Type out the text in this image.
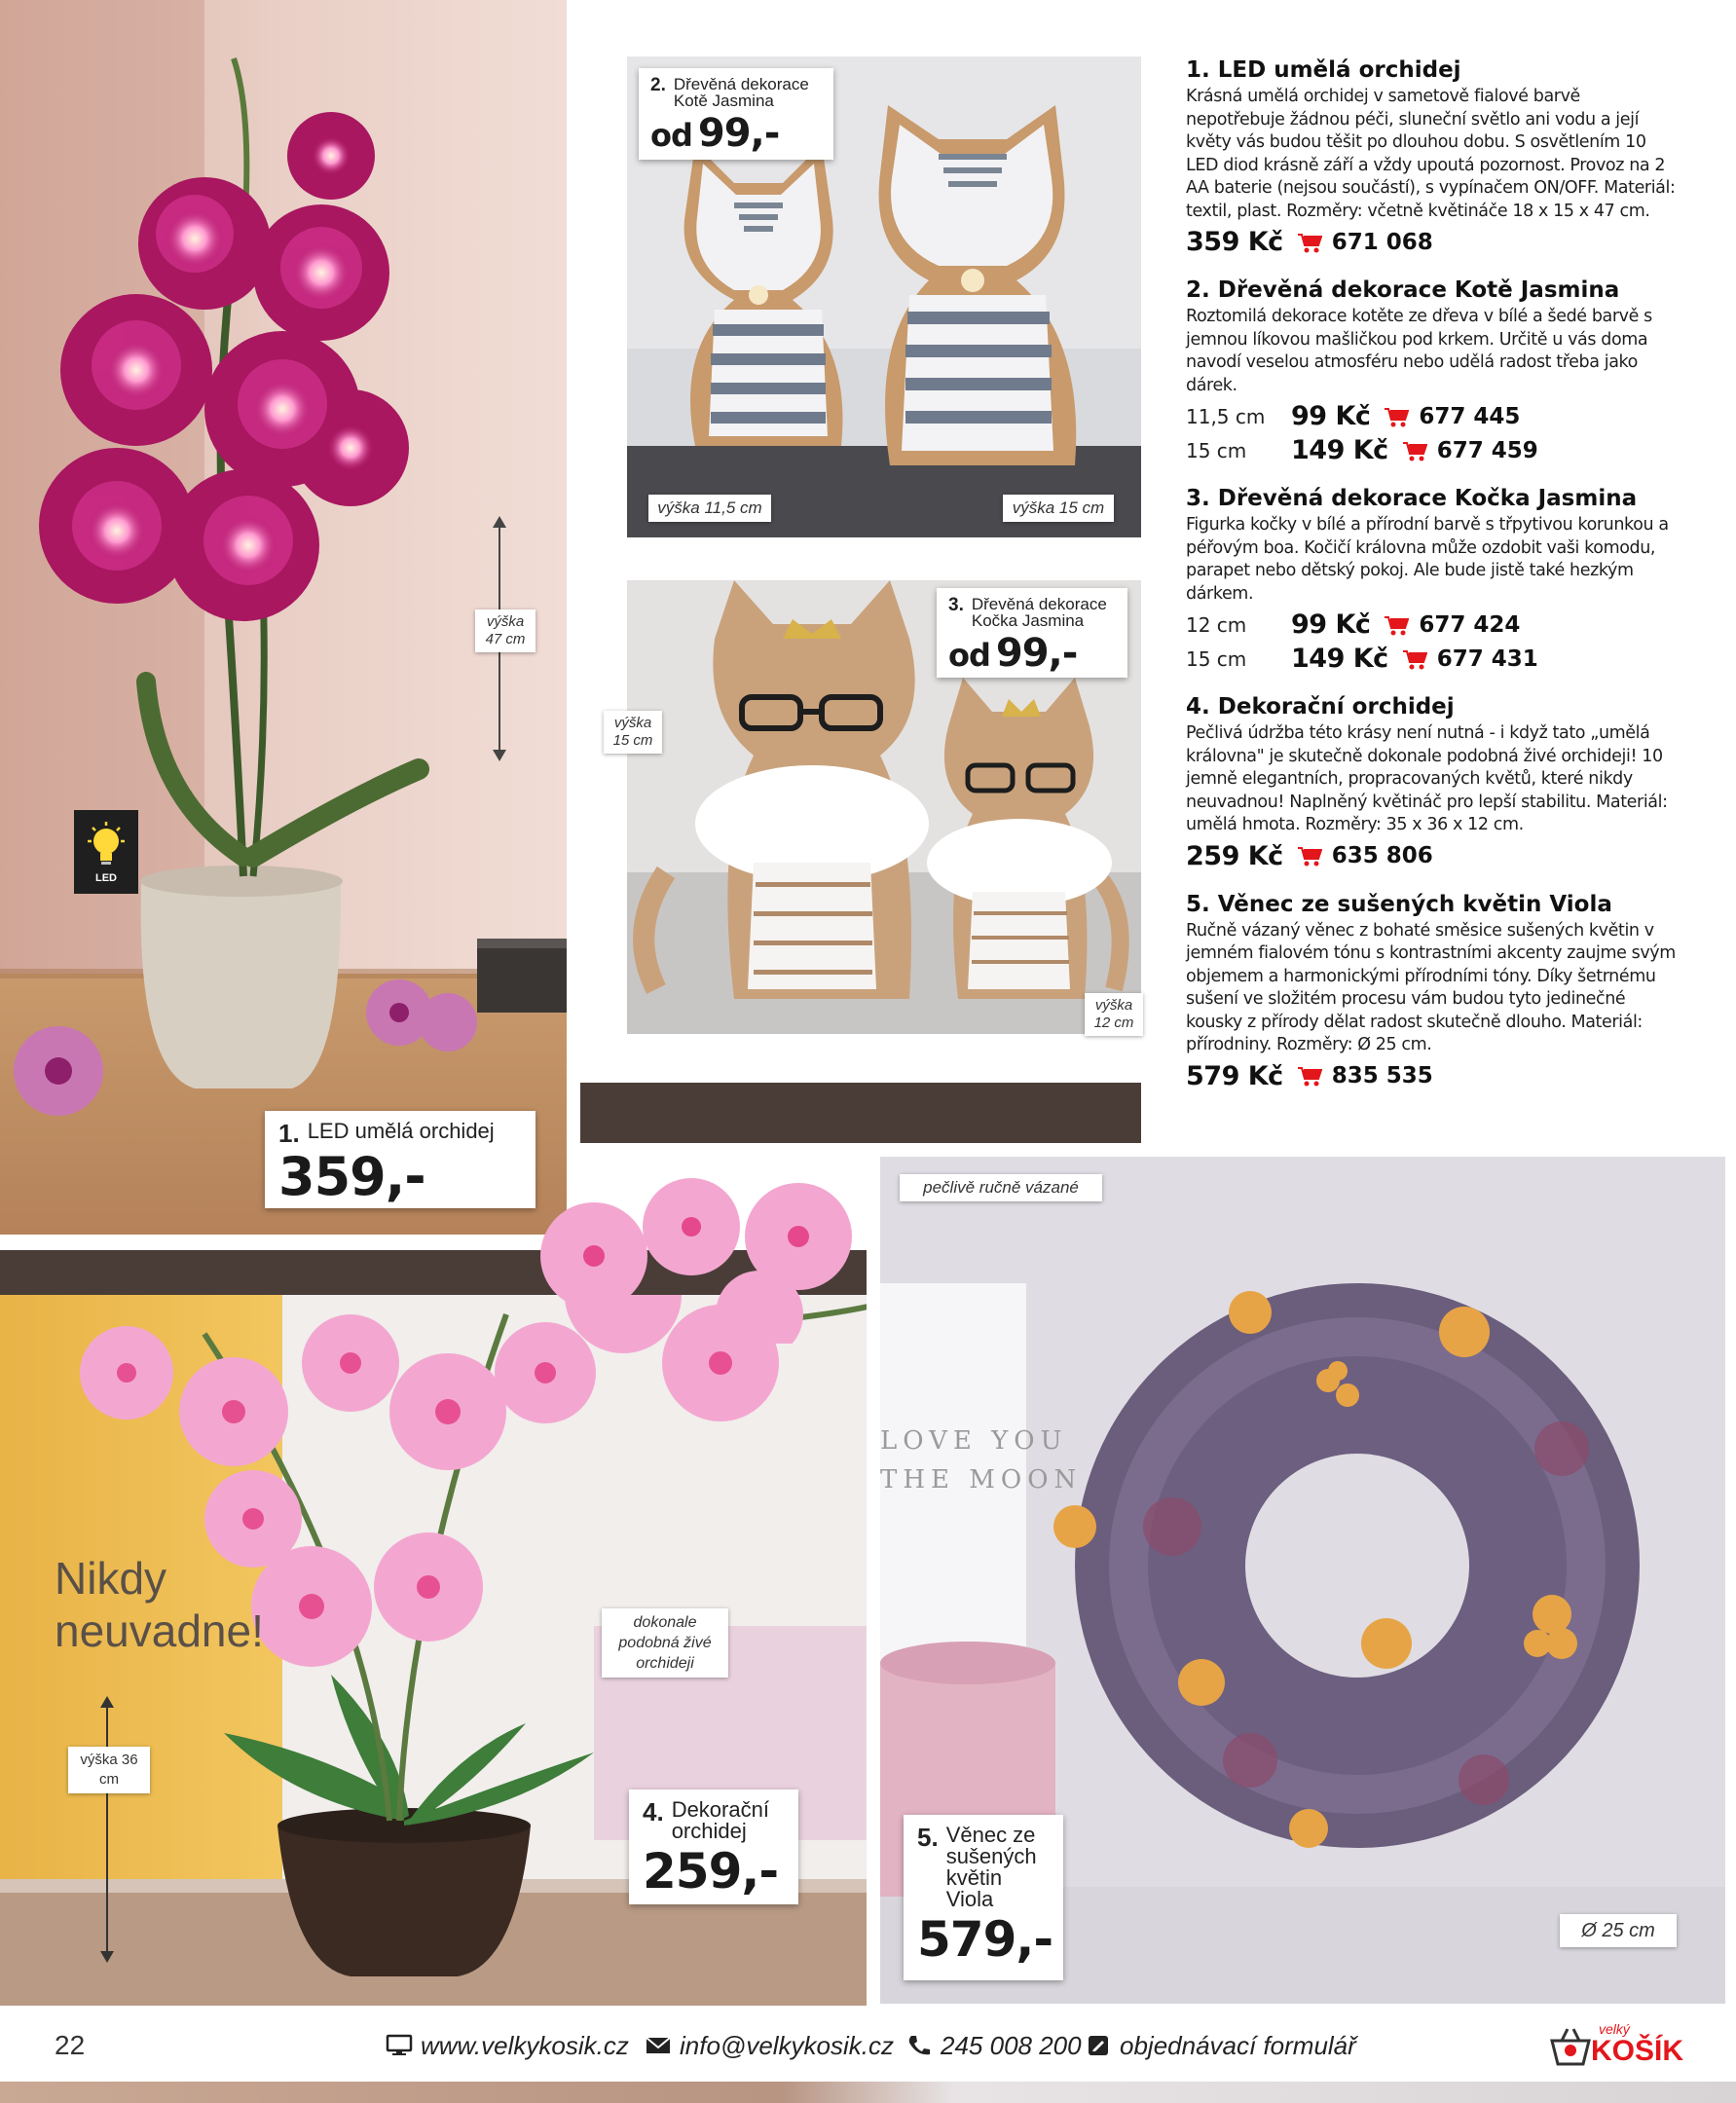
LED
výška 47 cm
1. LED umělá orchidej
359,-
2. Dřevěná dekorace Kotě Jasmina
od 99,-
výška 11,5 cm	výška 15 cm
3. Dřevěná dekorace Kočka Jasmina
od 99,-
výška 15 cm
výška 12 cm
Nikdy neuvadne!
výška 36 cm
dokonale podobná živé orchideji
4. Dekorační orchidej
259,-
LOVE YOU
THE MOON
pečlivě ručně vázané
Ø 25 cm
5. Věnec ze sušených květin Viola
579,-
1. LED umělá orchidej

Krásná umělá orchidej v sametově fialové barvě nepotřebuje žádnou péči, sluneční světlo ani vodu a její květy vás budou těšit po dlouhou dobu. S osvětlením 10 LED diod krásně září a vždy upoutá pozornost. Provoz na 2 AA baterie (nejsou součástí), s vypínačem ON/OFF. Materiál: textil, plast. Rozměry: včetně květináče 18 x 15 x 47 cm.

359 Kč 671 068
2. Dřevěná dekorace Kotě Jasmina

Roztomilá dekorace kotěte ze dřeva v bílé a šedé barvě s jemnou líkovou mašličkou pod krkem. Určitě u vás doma navodí veselou atmosféru nebo udělá radost třeba jako dárek.

11,5 cm 99 Kč 677 445
15 cm	149 Kč 677 459
3. Dřevěná dekorace Kočka Jasmina

Figurka kočky v bílé a přírodní barvě s třpytivou korunkou a péřovým boa. Kočičí královna může ozdobit vaši komodu, parapet nebo dětský pokoj. Ale bude jistě také hezkým dárkem.

12 cm	99 Kč 677 424
15 cm	149 Kč 677 431
4. Dekorační orchidej

Pečlivá údržba této krásy není nutná - i když tato „umělá královna" je skutečně dokonale podobná živé orchideji! 10 jemně elegantních, propracovaných květů, které nikdy neuvadnou! Naplněný květináč pro lepší stabilitu. Materiál: umělá hmota. Rozměry: 35 x 36 x 12 cm.

259 Kč 635 806
5. Věnec ze sušených květin Viola

Ručně vázaný věnec z bohaté směsice sušených květin v jemném fialovém tónu s kontrastními akcenty zaujme svým objemem a harmonickými přírodními tóny. Díky šetrnému sušení ve složitém procesu vám budou tyto jedinečné kousky z přírody dělat radost skutečně dlouho. Materiál: přírodniny. Rozměry: Ø 25 cm.

579 Kč 835 535
22	www.velkykosik.cz info@velkykosik.cz 245 008 200 objednávací formulář
velký
KOŠÍK
